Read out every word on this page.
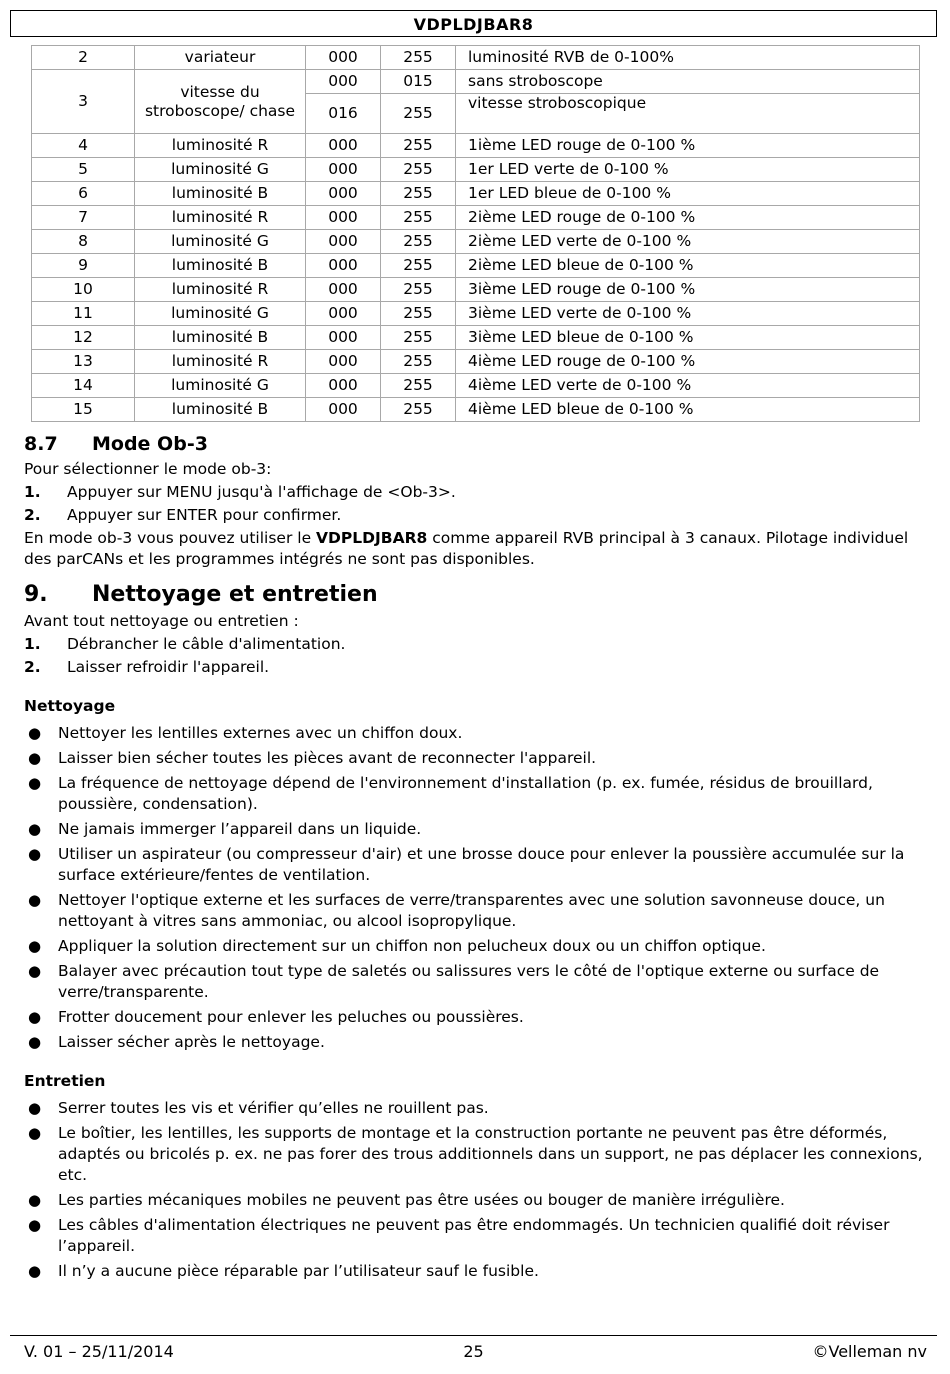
VDPLDJBAR8
2	variateur	000	255	luminosité RVB de 0-100%
3	vitesse du stroboscope/ chase	000	015	sans stroboscope
		016	255	vitesse stroboscopique
4	luminosité R	000	255	1ième LED rouge de 0-100 %
5	luminosité G	000	255	1er LED verte de 0-100 %
6	luminosité B	000	255	1er LED bleue de 0-100 %
7	luminosité R	000	255	2ième LED rouge de 0-100 %
8	luminosité G	000	255	2ième LED verte de 0-100 %
9	luminosité B	000	255	2ième LED bleue de 0-100 %
10	luminosité R	000	255	3ième LED rouge de 0-100 %
11	luminosité G	000	255	3ième LED verte de 0-100 %
12	luminosité B	000	255	3ième LED bleue de 0-100 %
13	luminosité R	000	255	4ième LED rouge de 0-100 %
14	luminosité G	000	255	4ième LED verte de 0-100 %
15	luminosité B	000	255	4ième LED bleue de 0-100 %
8.7 Mode Ob-3

Pour sélectionner le mode ob-3:

1. Appuyer sur MENU jusqu'à l'affichage de <Ob-3>.
2. Appuyer sur ENTER pour confirmer.

En mode ob-3 vous pouvez utiliser le VDPLDJBAR8 comme appareil RVB principal à 3 canaux. Pilotage individuel des parCANs et les programmes intégrés ne sont pas disponibles.

9. Nettoyage et entretien

Avant tout nettoyage ou entretien :

1. Débrancher le câble d'alimentation.
2. Laisser refroidir l'appareil.
Nettoyage
● Nettoyer les lentilles externes avec un chiffon doux.
● Laisser bien sécher toutes les pièces avant de reconnecter l'appareil.
● La fréquence de nettoyage dépend de l'environnement d'installation (p. ex. fumée, résidus de brouillard, poussière, condensation).
● Ne jamais immerger l’appareil dans un liquide.
● Utiliser un aspirateur (ou compresseur d'air) et une brosse douce pour enlever la poussière accumulée sur la surface extérieure/fentes de ventilation.
● Nettoyer l'optique externe et les surfaces de verre/transparentes avec une solution savonneuse douce, un nettoyant à vitres sans ammoniac, ou alcool isopropylique.
● Appliquer la solution directement sur un chiffon non pelucheux doux ou un chiffon optique.
● Balayer avec précaution tout type de saletés ou salissures vers le côté de l'optique externe ou surface de verre/transparente.
● Frotter doucement pour enlever les peluches ou poussières.
● Laisser sécher après le nettoyage.
Entretien
● Serrer toutes les vis et vérifier qu’elles ne rouillent pas.
● Le boîtier, les lentilles, les supports de montage et la construction portante ne peuvent pas être déformés, adaptés ou bricolés p. ex. ne pas forer des trous additionnels dans un support, ne pas déplacer les connexions, etc.
● Les parties mécaniques mobiles ne peuvent pas être usées ou bouger de manière irrégulière.
● Les câbles d'alimentation électriques ne peuvent pas être endommagés. Un technicien qualifié doit réviser l’appareil.
● Il n’y a aucune pièce réparable par l’utilisateur sauf le fusible.
V. 01 – 25/11/2014	25	©Velleman nv
